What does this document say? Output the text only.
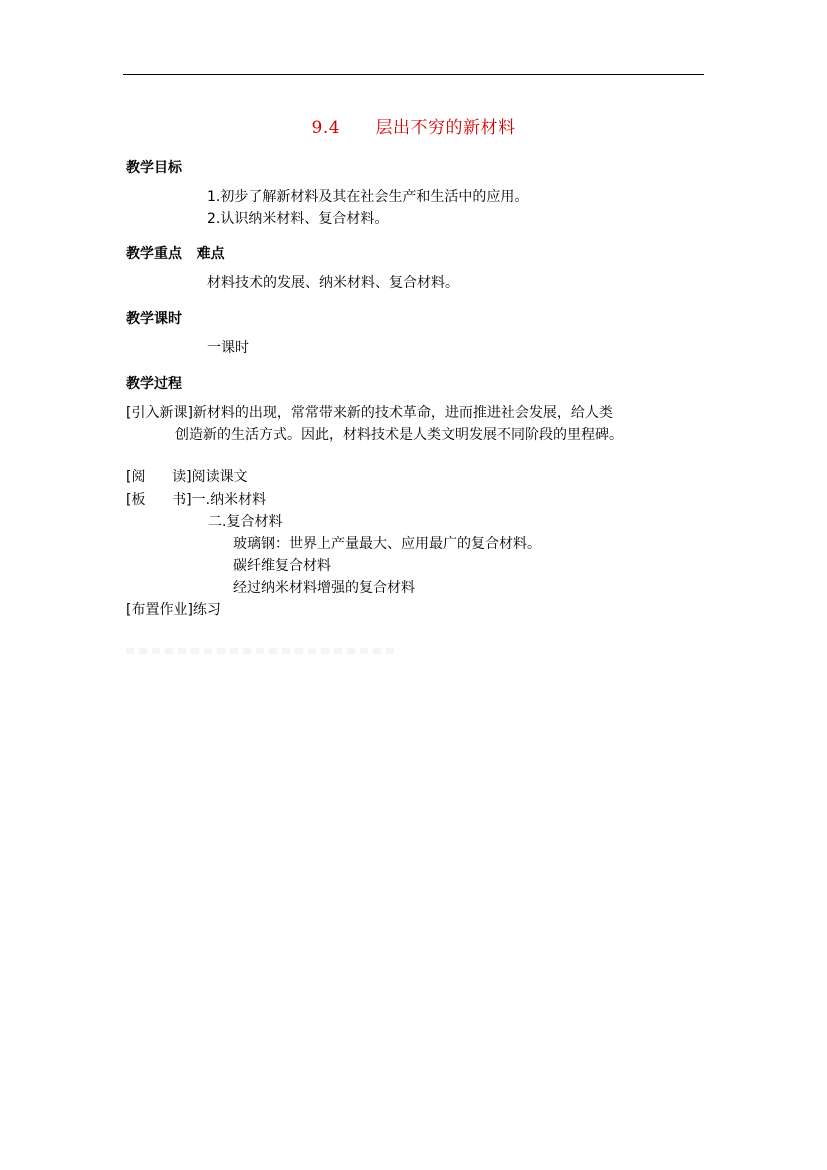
9.4 层出不穷的新材料
教学目标
1.初步了解新材料及其在社会生产和生活中的应用。
2.认识纳米材料、复合材料。
教学重点   难点
材料技术的发展、纳米材料、复合材料。
教学课时
一课时
教学过程
[引入新课]新材料的出现，常常带来新的技术革命，进而推进社会发展，给人类
创造新的生活方式。因此，材料技术是人类文明发展不同阶段的里程碑。
[阅      读]阅读课文
[板      书]一.纳米材料
二.复合材料
玻璃钢：世界上产量最大、应用最广的复合材料。
碳纤维复合材料
经过纳米材料增强的复合材料
[布置作业]练习
